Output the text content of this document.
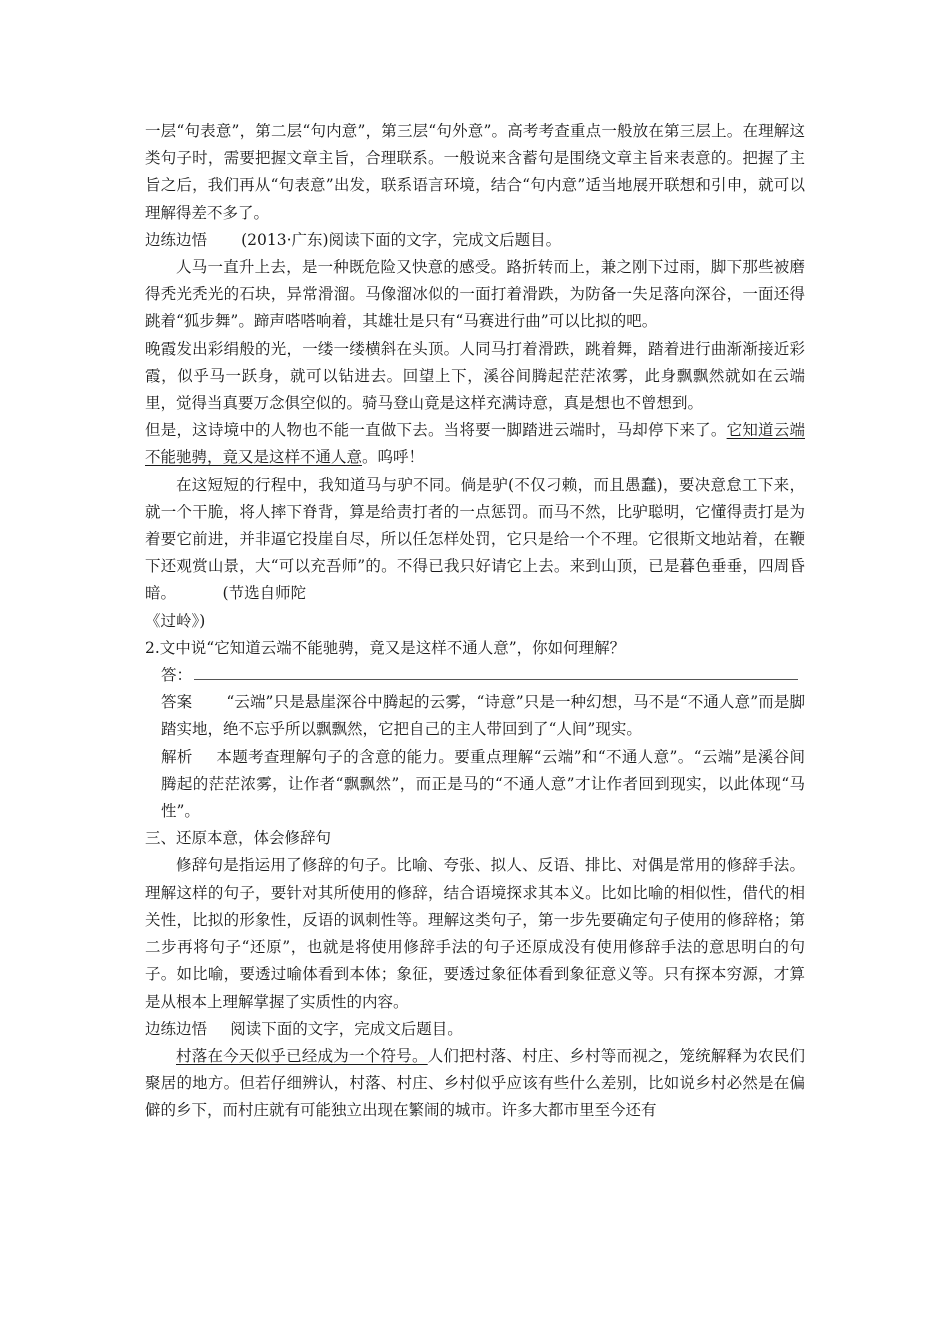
一层“句表意”，第二层“句内意”，第三层“句外意”。高考考查重点一般放在第三层上。在理解这类句子时，需要把握文章主旨，合理联系。一般说来含蓄句是围绕文章主旨来表意的。把握了主旨之后，我们再从“句表意”出发，联系语言环境，结合“句内意”适当地展开联想和引申，就可以理解得差不多了。

边练边悟 (2013·广东)阅读下面的文字，完成文后题目。

人马一直升上去，是一种既危险又快意的感受。路折转而上，兼之刚下过雨，脚下那些被磨得秃光秃光的石块，异常滑溜。马像溜冰似的一面打着滑跌，为防备一失足落向深谷，一面还得跳着“狐步舞”。蹄声嗒嗒响着，其雄壮是只有“马赛进行曲”可以比拟的吧。

晚霞发出彩绢般的光，一缕一缕横斜在头顶。人同马打着滑跌，跳着舞，踏着进行曲渐渐接近彩霞，似乎马一跃身，就可以钻进去。回望上下，溪谷间腾起茫茫浓雾，此身飘飘然就如在云端里，觉得当真要万念俱空似的。骑马登山竟是这样充满诗意，真是想也不曾想到。

但是，这诗境中的人物也不能一直做下去。当将要一脚踏进云端时，马却停下来了。它知道云端不能驰骋，竟又是这样不通人意。呜呼！

在这短短的行程中，我知道马与驴不同。倘是驴(不仅刁赖，而且愚蠢)，要决意怠工下来，就一个干脆，将人摔下脊背，算是给责打者的一点惩罚。而马不然，比驴聪明，它懂得责打是为着要它前进，并非逼它投崖自尽，所以任怎样处罚，它只是给一个不理。它很斯文地站着，在鞭下还观赏山景，大“可以充吾师”的。不得已我只好请它上去。来到山顶，已是暮色垂垂，四周昏暗。	(节选自师陀

《过岭》)

2.文中说“它知道云端不能驰骋，竟又是这样不通人意”，你如何理解？

答：

答案 “云端”只是悬崖深谷中腾起的云雾，“诗意”只是一种幻想，马不是“不通人意”而是脚踏实地，绝不忘乎所以飘飘然，它把自己的主人带回到了“人间”现实。

解析 本题考查理解句子的含意的能力。要重点理解“云端”和“不通人意”。“云端”是溪谷间腾起的茫茫浓雾，让作者“飘飘然”，而正是马的“不通人意”才让作者回到现实，以此体现“马性”。

三、还原本意，体会修辞句

修辞句是指运用了修辞的句子。比喻、夸张、拟人、反语、排比、对偶是常用的修辞手法。理解这样的句子，要针对其所使用的修辞，结合语境探求其本义。比如比喻的相似性，借代的相关性，比拟的形象性，反语的讽刺性等。理解这类句子，第一步先要确定句子使用的修辞格；第二步再将句子“还原”，也就是将使用修辞手法的句子还原成没有使用修辞手法的意思明白的句子。如比喻，要透过喻体看到本体；象征，要透过象征体看到象征意义等。只有探本穷源，才算是从根本上理解掌握了实质性的内容。

边练边悟 阅读下面的文字，完成文后题目。

村落在今天似乎已经成为一个符号。人们把村落、村庄、乡村等而视之，笼统解释为农民们聚居的地方。但若仔细辨认，村落、村庄、乡村似乎应该有些什么差别，比如说乡村必然是在偏僻的乡下，而村庄就有可能独立出现在繁闹的城市。许多大都市里至今还有
